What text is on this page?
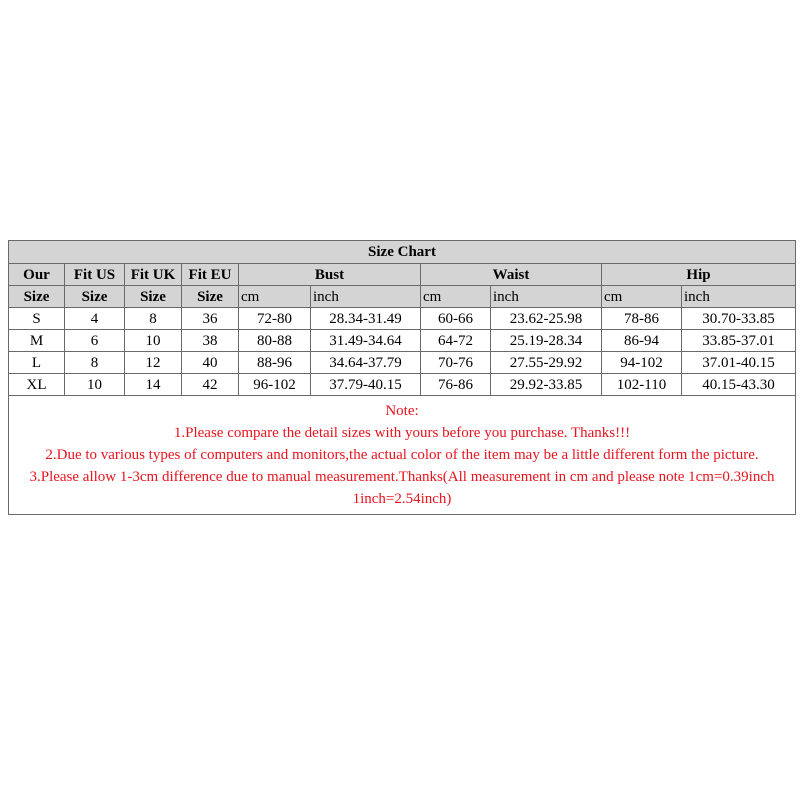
Size Chart									
Our	Fit US	Fit UK	Fit EU	Bust		Waist		Hip	
Size	Size	Size	Size	cm	inch	cm	inch	cm	inch
S	4	8	36	72-80	28.34-31.49	60-66	23.62-25.98	78-86	30.70-33.85
M	6	10	38	80-88	31.49-34.64	64-72	25.19-28.34	86-94	33.85-37.01
L	8	12	40	88-96	34.64-37.79	70-76	27.55-29.92	94-102	37.01-40.15
XL	10	14	42	96-102	37.79-40.15	76-86	29.92-33.85	102-110	40.15-43.30

Note:
1.Please compare the detail sizes with yours before you purchase. Thanks!!!
2.Due to various types of computers and monitors,the actual color of the item may be a little different form the picture.
3.Please allow 1-3cm difference due to manual measurement.Thanks(All measurement in cm and please note 1cm=0.39inch 1inch=2.54inch)									
